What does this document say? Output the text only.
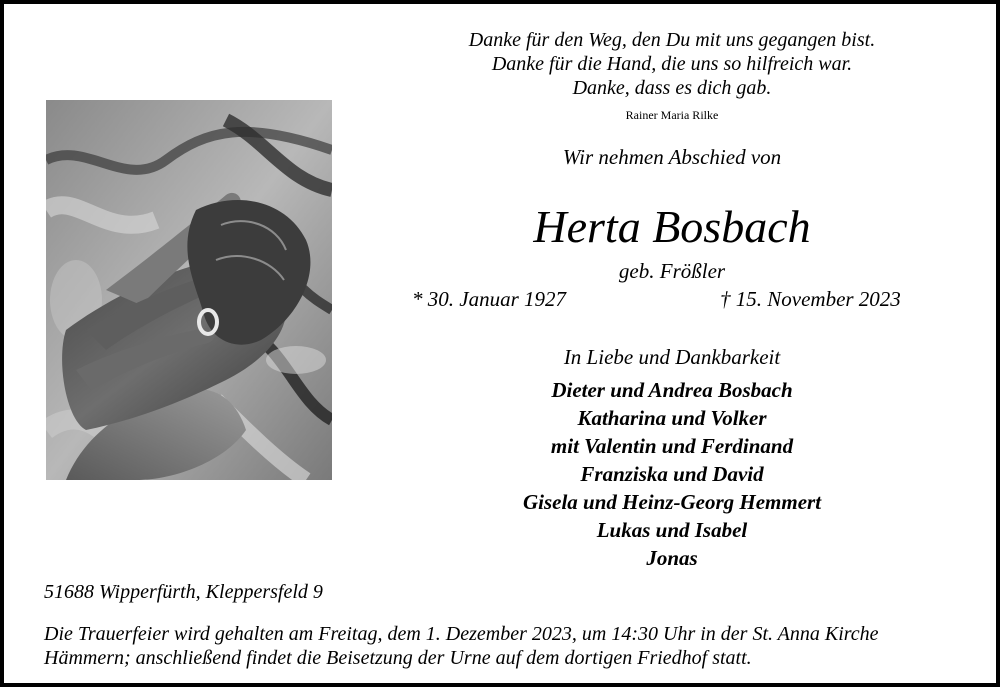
Danke für den Weg, den Du mit uns gegangen bist.
Danke für die Hand, die uns so hilfreich war.
Danke, dass es dich gab.
Rainer Maria Rilke
Wir nehmen Abschied von
Herta Bosbach
geb. Frößler
* 30. Januar 1927	† 15. November 2023
In Liebe und Dankbarkeit
Dieter und Andrea Bosbach
Katharina und Volker
mit Valentin und Ferdinand
Franziska und David
Gisela und Heinz-Georg Hemmert
Lukas und Isabel
Jonas
51688 Wipperfürth, Kleppersfeld 9
Die Trauerfeier wird gehalten am Freitag, dem 1. Dezember 2023, um 14:30 Uhr in der St. Anna Kirche
Hämmern; anschließend findet die Beisetzung der Urne auf dem dortigen Friedhof statt.
